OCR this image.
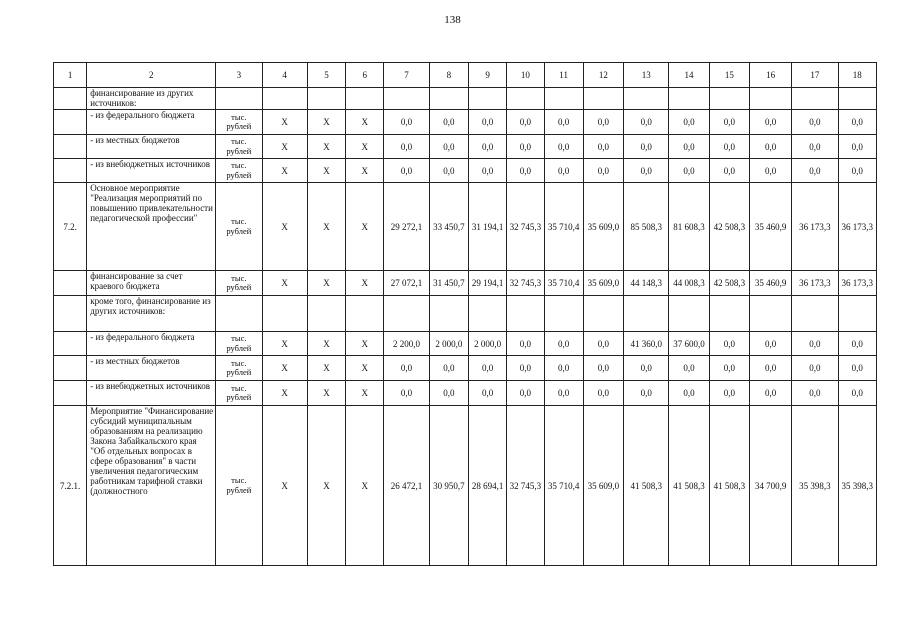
138
1	2	3	4	5	6	7	8	9	10	11	12	13	14	15	16	17	18
	финансирование из других источников:																
	- из федерального бюджета	тыс. рублей	Х	Х	Х	0,0	0,0	0,0	0,0	0,0	0,0	0,0	0,0	0,0	0,0	0,0	0,0
	- из местных бюджетов	тыс. рублей	Х	Х	Х	0,0	0,0	0,0	0,0	0,0	0,0	0,0	0,0	0,0	0,0	0,0	0,0
	- из внебюджетных источников	тыс. рублей	Х	Х	Х	0,0	0,0	0,0	0,0	0,0	0,0	0,0	0,0	0,0	0,0	0,0	0,0
7.2.	Основное мероприятие "Реализация мероприятий по повышению привлекательности педагогической профессии"	тыс. рублей	Х	Х	Х	29 272,1	33 450,7	31 194,1	32 745,3	35 710,4	35 609,0	85 508,3	81 608,3	42 508,3	35 460,9	36 173,3	36 173,3
	финансирование за счет краевого бюджета	тыс. рублей	Х	Х	Х	27 072,1	31 450,7	29 194,1	32 745,3	35 710,4	35 609,0	44 148,3	44 008,3	42 508,3	35 460,9	36 173,3	36 173,3
	кроме того, финансирование из других источников:																
	- из федерального бюджета	тыс. рублей	Х	Х	Х	2 200,0	2 000,0	2 000,0	0,0	0,0	0,0	41 360,0	37 600,0	0,0	0,0	0,0	0,0
	- из местных бюджетов	тыс. рублей	Х	Х	Х	0,0	0,0	0,0	0,0	0,0	0,0	0,0	0,0	0,0	0,0	0,0	0,0
	- из внебюджетных источников	тыс. рублей	Х	Х	Х	0,0	0,0	0,0	0,0	0,0	0,0	0,0	0,0	0,0	0,0	0,0	0,0
7.2.1.	Мероприятие "Финансирование субсидий муниципальным образованиям на реализацию Закона Забайкальского края "Об отдельных вопросах в сфере образования" в части увеличения педагогическим работникам тарифной ставки (должностного	тыс. рублей	Х	Х	Х	26 472,1	30 950,7	28 694,1	32 745,3	35 710,4	35 609,0	41 508,3	41 508,3	41 508,3	34 700,9	35 398,3	35 398,3
